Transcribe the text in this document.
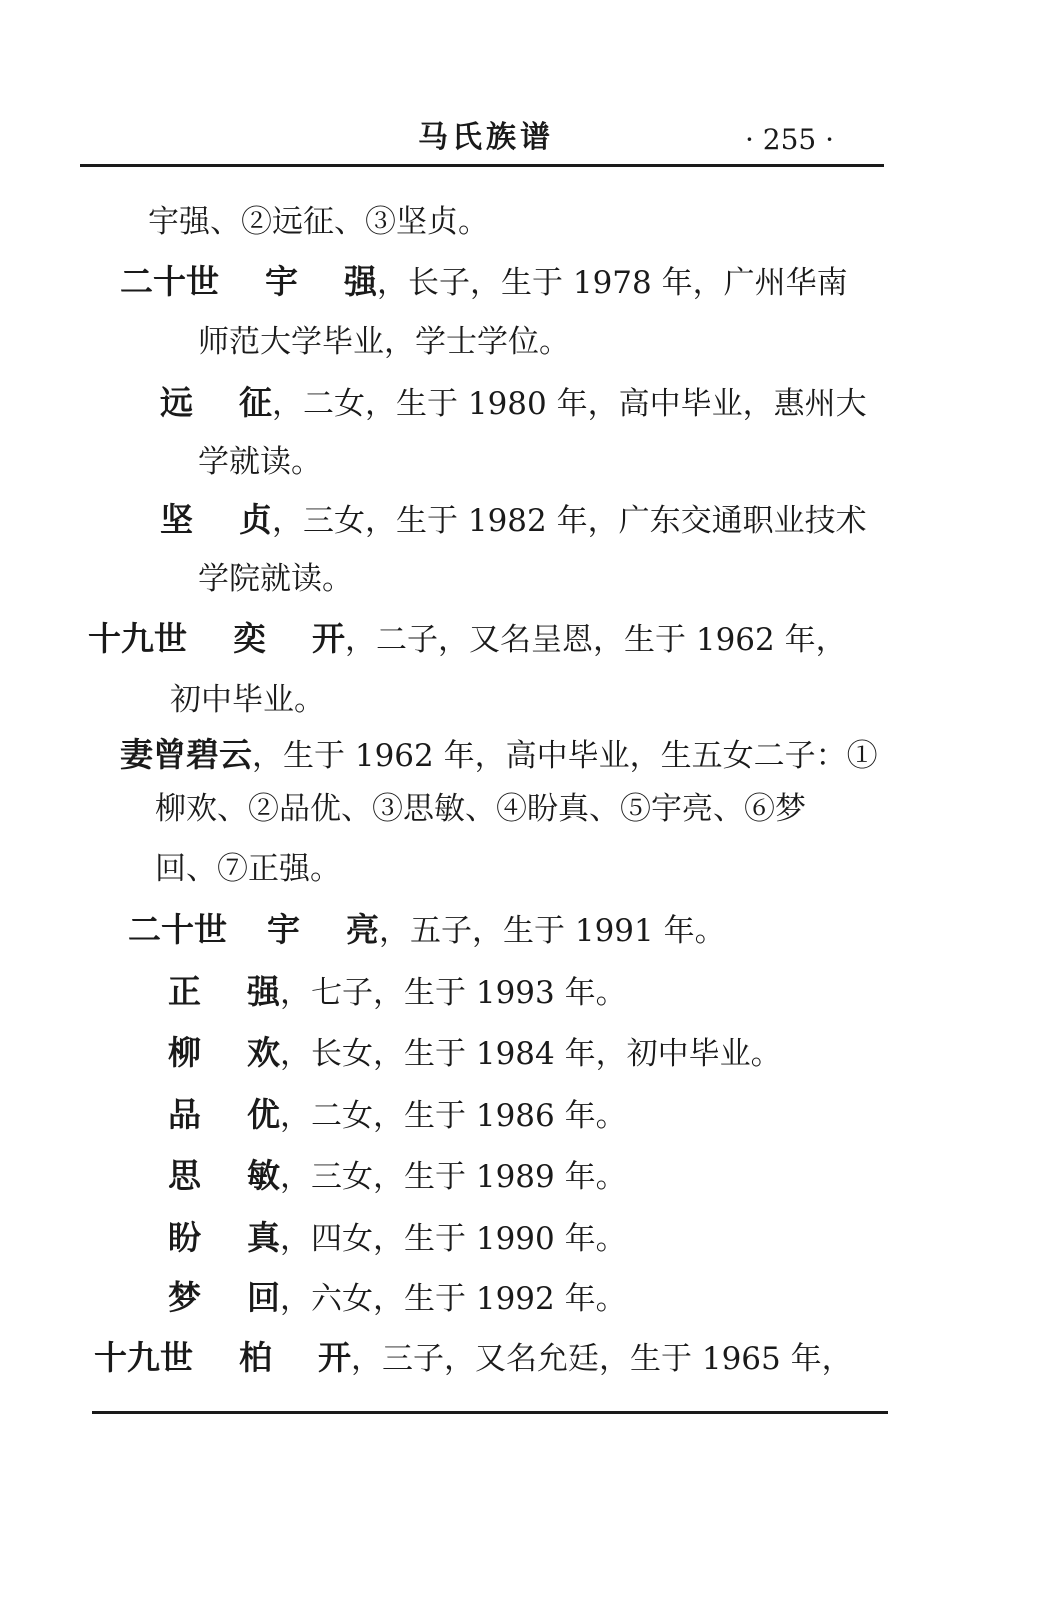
马氏族谱	· 255 ·
宇强、②远征、③坚贞。
二十世 宇强，长子，生于 1978 年，广州华南
师范大学毕业，学士学位。
远征，二女，生于 1980 年，高中毕业，惠州大
学就读。
坚贞，三女，生于 1982 年，广东交通职业技术
学院就读。
十九世 奕开，二子，又名呈恩，生于 1962 年，
初中毕业。
妻曾碧云，生于 1962 年，高中毕业，生五女二子：①
柳欢、②品优、③思敏、④盼真、⑤宇亮、⑥梦
回、⑦正强。
二十世 宇亮，五子，生于 1991 年。
正强，七子，生于 1993 年。
柳欢，长女，生于 1984 年，初中毕业。
品优，二女，生于 1986 年。
思敏，三女，生于 1989 年。
盼真，四女，生于 1990 年。
梦回，六女，生于 1992 年。
十九世 柏开，三子，又名允廷，生于 1965 年，
